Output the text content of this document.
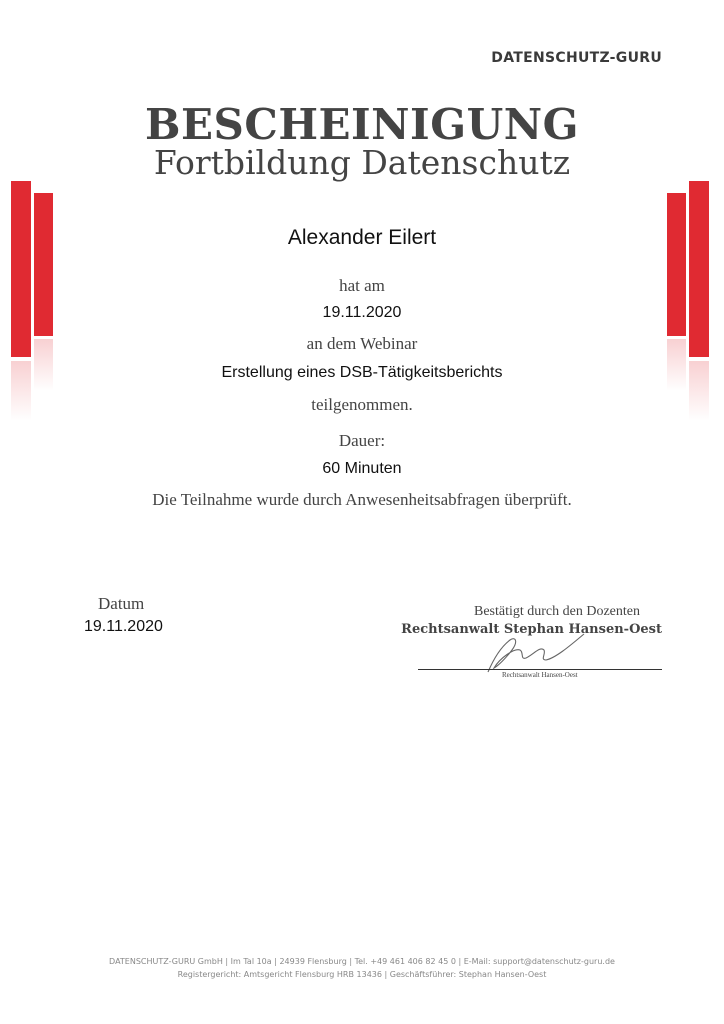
DATENSCHUTZ-GURU
BESCHEINIGUNG
Fortbildung Datenschutz
Alexander Eilert
hat am
19.11.2020
an dem Webinar
Erstellung eines DSB-Tätigkeitsberichts
teilgenommen.
Dauer:
60 Minuten
Die Teilnahme wurde durch Anwesenheitsabfragen überprüft.
Datum
19.11.2020
Bestätigt durch den Dozenten
Rechtsanwalt Stephan Hansen-Oest
Rechtsanwalt Hansen-Oest
DATENSCHUTZ-GURU GmbH | Im Tal 10a | 24939 Flensburg | Tel. +49 461 406 82 45 0 | E-Mail: support@datenschutz-guru.de
Registergericht: Amtsgericht Flensburg HRB 13436 | Geschäftsführer: Stephan Hansen-Oest
